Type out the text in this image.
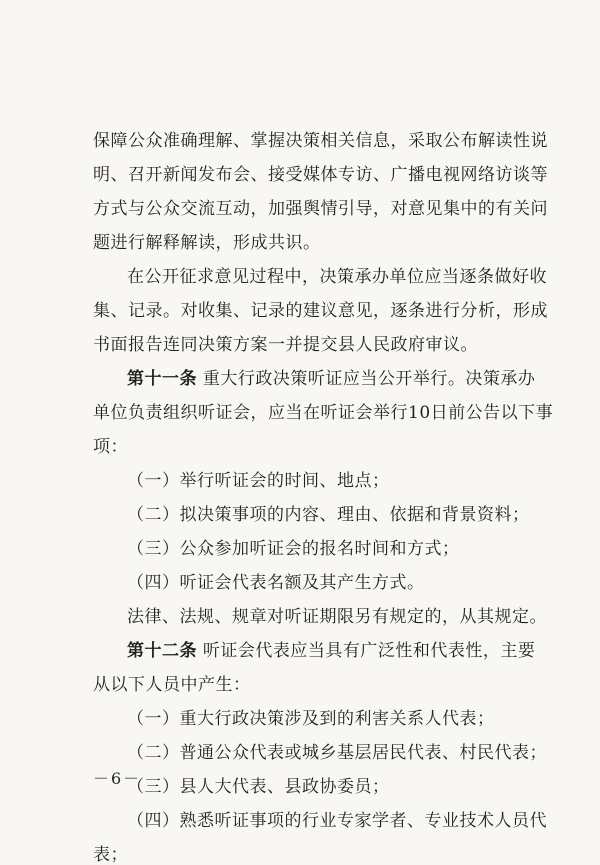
保障公众准确理解、掌握决策相关信息，采取公布解读性说
明、召开新闻发布会、接受媒体专访、广播电视网络访谈等
方式与公众交流互动，加强舆情引导，对意见集中的有关问
题进行解释解读，形成共识。
在公开征求意见过程中，决策承办单位应当逐条做好收
集、记录。对收集、记录的建议意见，逐条进行分析，形成
书面报告连同决策方案一并提交县人民政府审议。
第十一条 重大行政决策听证应当公开举行。决策承办
单位负责组织听证会，应当在听证会举行10日前公告以下事
项：
（一）举行听证会的时间、地点；
（二）拟决策事项的内容、理由、依据和背景资料；
（三）公众参加听证会的报名时间和方式；
（四）听证会代表名额及其产生方式。
法律、法规、规章对听证期限另有规定的，从其规定。
第十二条 听证会代表应当具有广泛性和代表性，主要
从以下人员中产生：
（一）重大行政决策涉及到的利害关系人代表；
（二）普通公众代表或城乡基层居民代表、村民代表；
（三）县人大代表、县政协委员；
（四）熟悉听证事项的行业专家学者、专业技术人员代
表；
－6－
